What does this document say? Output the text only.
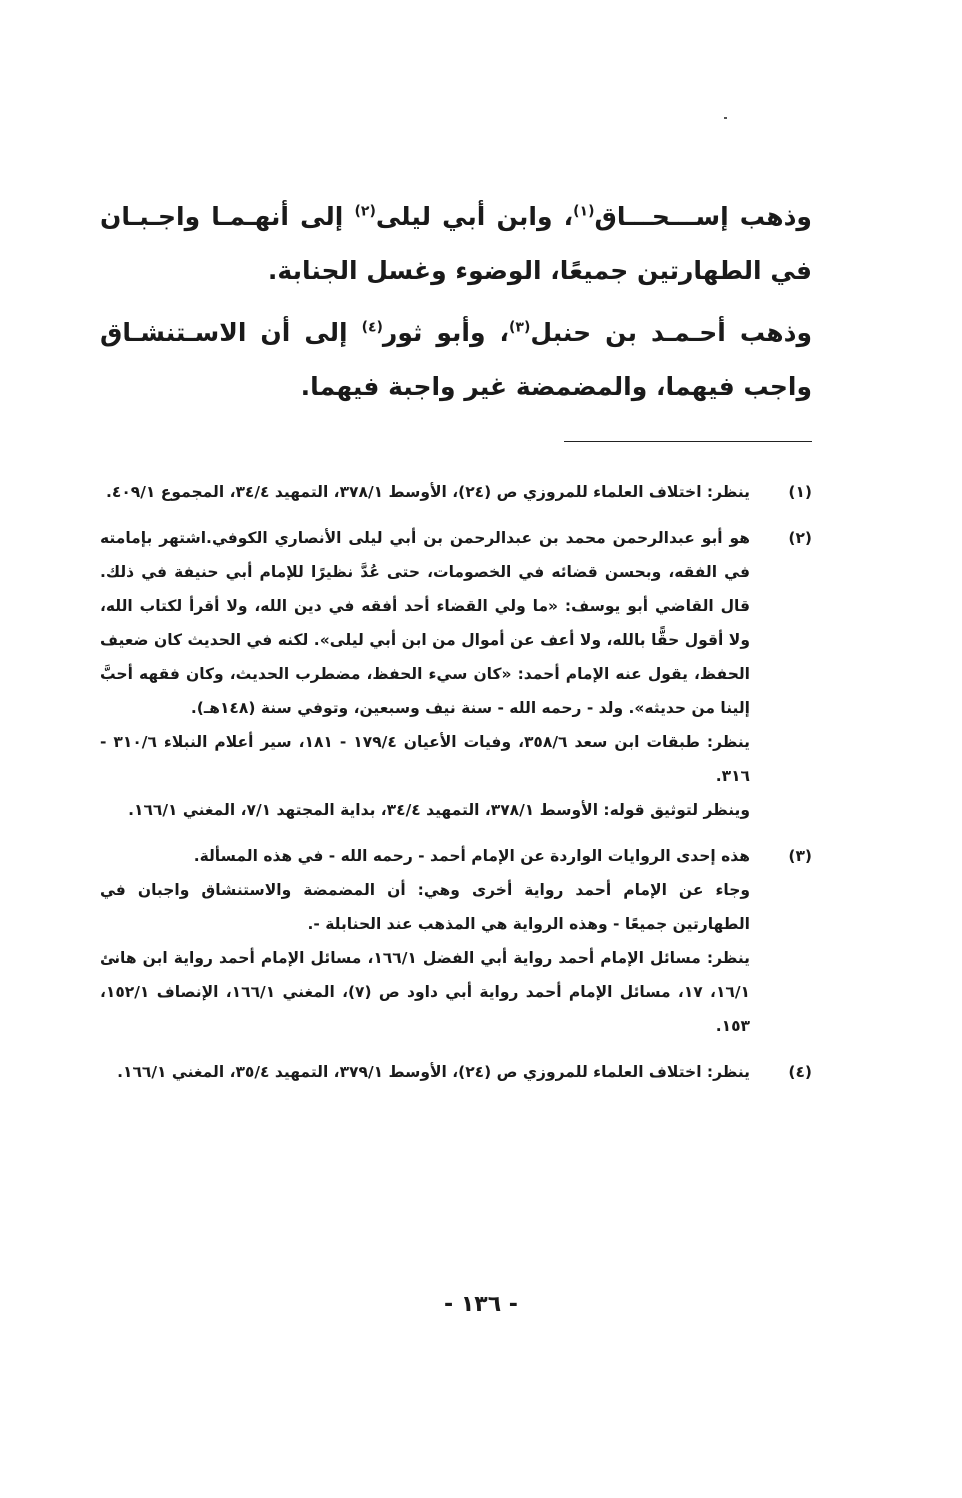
وذهب إســـحـــاق$^{(١)}$، وابن أبي ليلى$^{(٢)}$ إلى أنهـمـا واجـبـان في الطهارتين جميعًا، الوضوء وغسل الجنابة.

وذهب أحـمـد بن حنبل$^{(٣)}$، وأبو ثور$^{(٤)}$ إلى أن الاسـتنشـاق واجب فيهما، والمضمضة غير واجبة فيهما.

(١)

ينظر: اختلاف العلماء للمروزي ص (٢٤)، الأوسط ٣٧٨/١، التمهيد ٣٤/٤، المجموع ٤٠٩/١.

(٢)

هو أبو عبدالرحمن محمد بن عبدالرحمن بن أبي ليلى الأنصاري الكوفي.اشتهر بإمامته في الفقه، وبحسن قضائه في الخصومات، حتى عُدَّ نظيرًا للإمام أبي حنيفة في ذلك. قال القاضي أبو يوسف: «ما ولي القضاء أحد أفقه في دين الله، ولا أقرأ لكتاب الله، ولا أقول حقًّا بالله، ولا أعف عن أموال من ابن أبي ليلى». لكنه في الحديث كان ضعيف الحفظ، يقول عنه الإمام أحمد: «كان سيء الحفظ، مضطرب الحديث، وكان فقهه أحبَّ إلينا من حديثه». ولد - رحمه الله - سنة نيف وسبعين، وتوفي سنة (١٤٨هـ).

ينظر: طبقات ابن سعد ٣٥٨/٦، وفيات الأعيان ١٧٩/٤ - ١٨١، سير أعلام النبلاء ٣١٠/٦ - ٣١٦.

وينظر لتوثيق قوله: الأوسط ٣٧٨/١، التمهيد ٣٤/٤، بداية المجتهد ٧/١، المغني ١٦٦/١.

(٣)

هذه إحدى الروايات الواردة عن الإمام أحمد - رحمه الله - في هذه المسألة.

وجاء عن الإمام أحمد رواية أخرى وهي: أن المضمضة والاستنشاق واجبان في الطهارتين جميعًا - وهذه الرواية هي المذهب عند الحنابلة -.

ينظر: مسائل الإمام أحمد رواية أبي الفضل ١٦٦/١، مسائل الإمام أحمد رواية ابن هانئ ١٦/١، ١٧، مسائل الإمام أحمد رواية أبي داود ص (٧)، المغني ١٦٦/١، الإنصاف ١٥٢/١، ١٥٣.

(٤)

ينظر: اختلاف العلماء للمروزي ص (٢٤)، الأوسط ٣٧٩/١، التمهيد ٣٥/٤، المغني ١٦٦/١.

- ١٣٦ -
